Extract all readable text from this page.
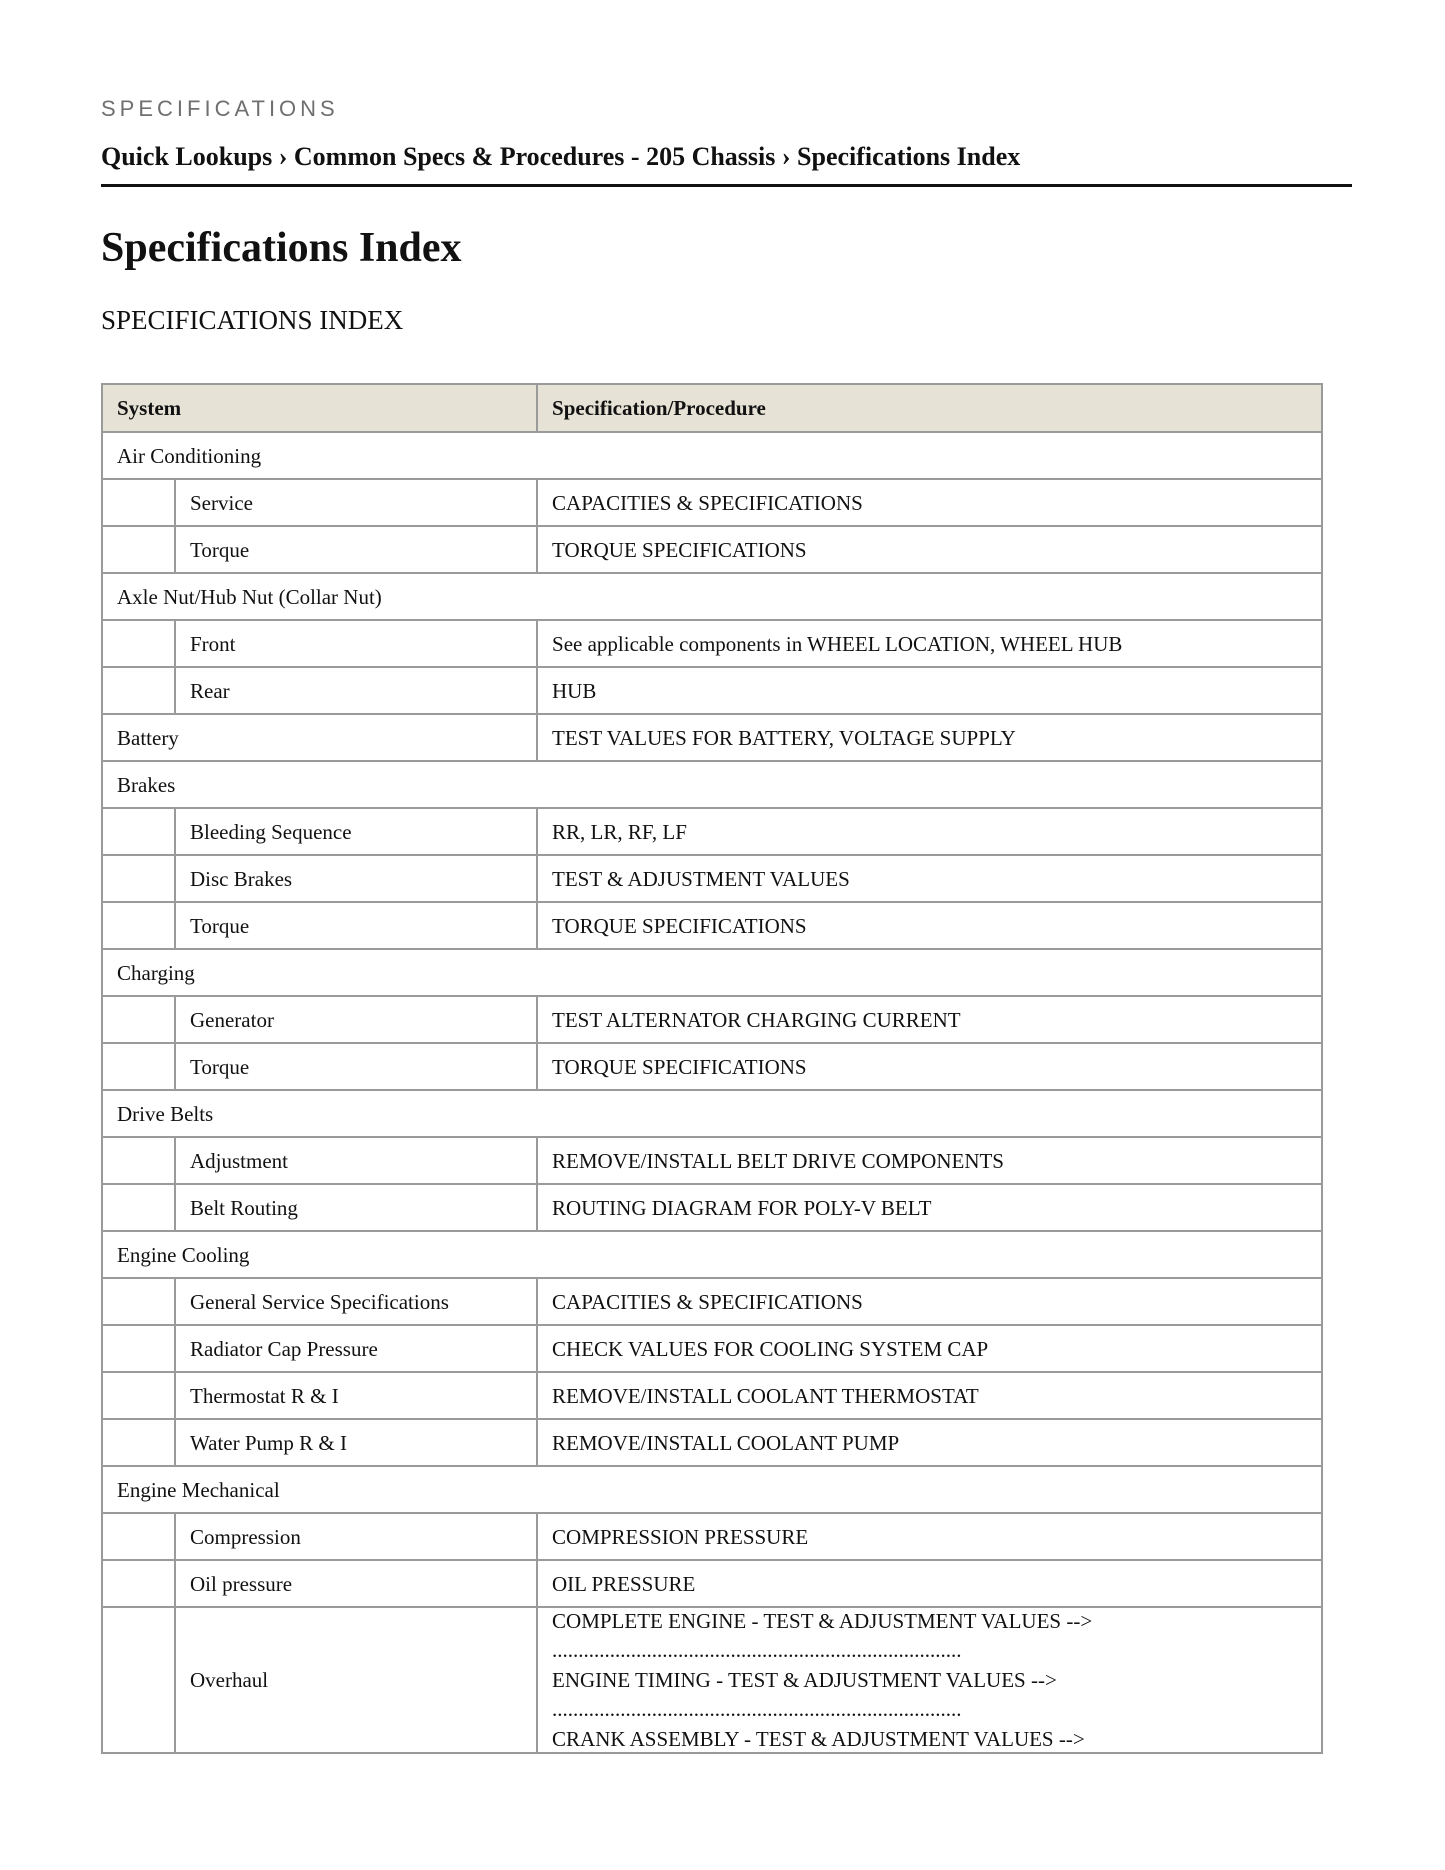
SPECIFICATIONS
Quick Lookups › Common Specs & Procedures - 205 Chassis › Specifications Index
Specifications Index
SPECIFICATIONS INDEX
System		Specification/Procedure
Air Conditioning		
	Service	CAPACITIES & SPECIFICATIONS
	Torque	TORQUE SPECIFICATIONS
Axle Nut/Hub Nut (Collar Nut)		
	Front	See applicable components in WHEEL LOCATION, WHEEL HUB
	Rear	HUB
Battery		TEST VALUES FOR BATTERY, VOLTAGE SUPPLY
Brakes		
	Bleeding Sequence	RR, LR, RF, LF
	Disc Brakes	TEST & ADJUSTMENT VALUES
	Torque	TORQUE SPECIFICATIONS
Charging		
	Generator	TEST ALTERNATOR CHARGING CURRENT
	Torque	TORQUE SPECIFICATIONS
Drive Belts		
	Adjustment	REMOVE/INSTALL BELT DRIVE COMPONENTS
	Belt Routing	ROUTING DIAGRAM FOR POLY-V BELT
Engine Cooling		
	General Service Specifications	CAPACITIES & SPECIFICATIONS
	Radiator Cap Pressure	CHECK VALUES FOR COOLING SYSTEM CAP
	Thermostat R & I	REMOVE/INSTALL COOLANT THERMOSTAT
	Water Pump R & I	REMOVE/INSTALL COOLANT PUMP
Engine Mechanical		
	Compression	COMPRESSION PRESSURE
	Oil pressure	OIL PRESSURE
	Overhaul	COMPLETE ENGINE - TEST & ADJUSTMENT VALUES -->
..............................................................................
ENGINE TIMING - TEST & ADJUSTMENT VALUES -->
..............................................................................
CRANK ASSEMBLY - TEST & ADJUSTMENT VALUES -->
